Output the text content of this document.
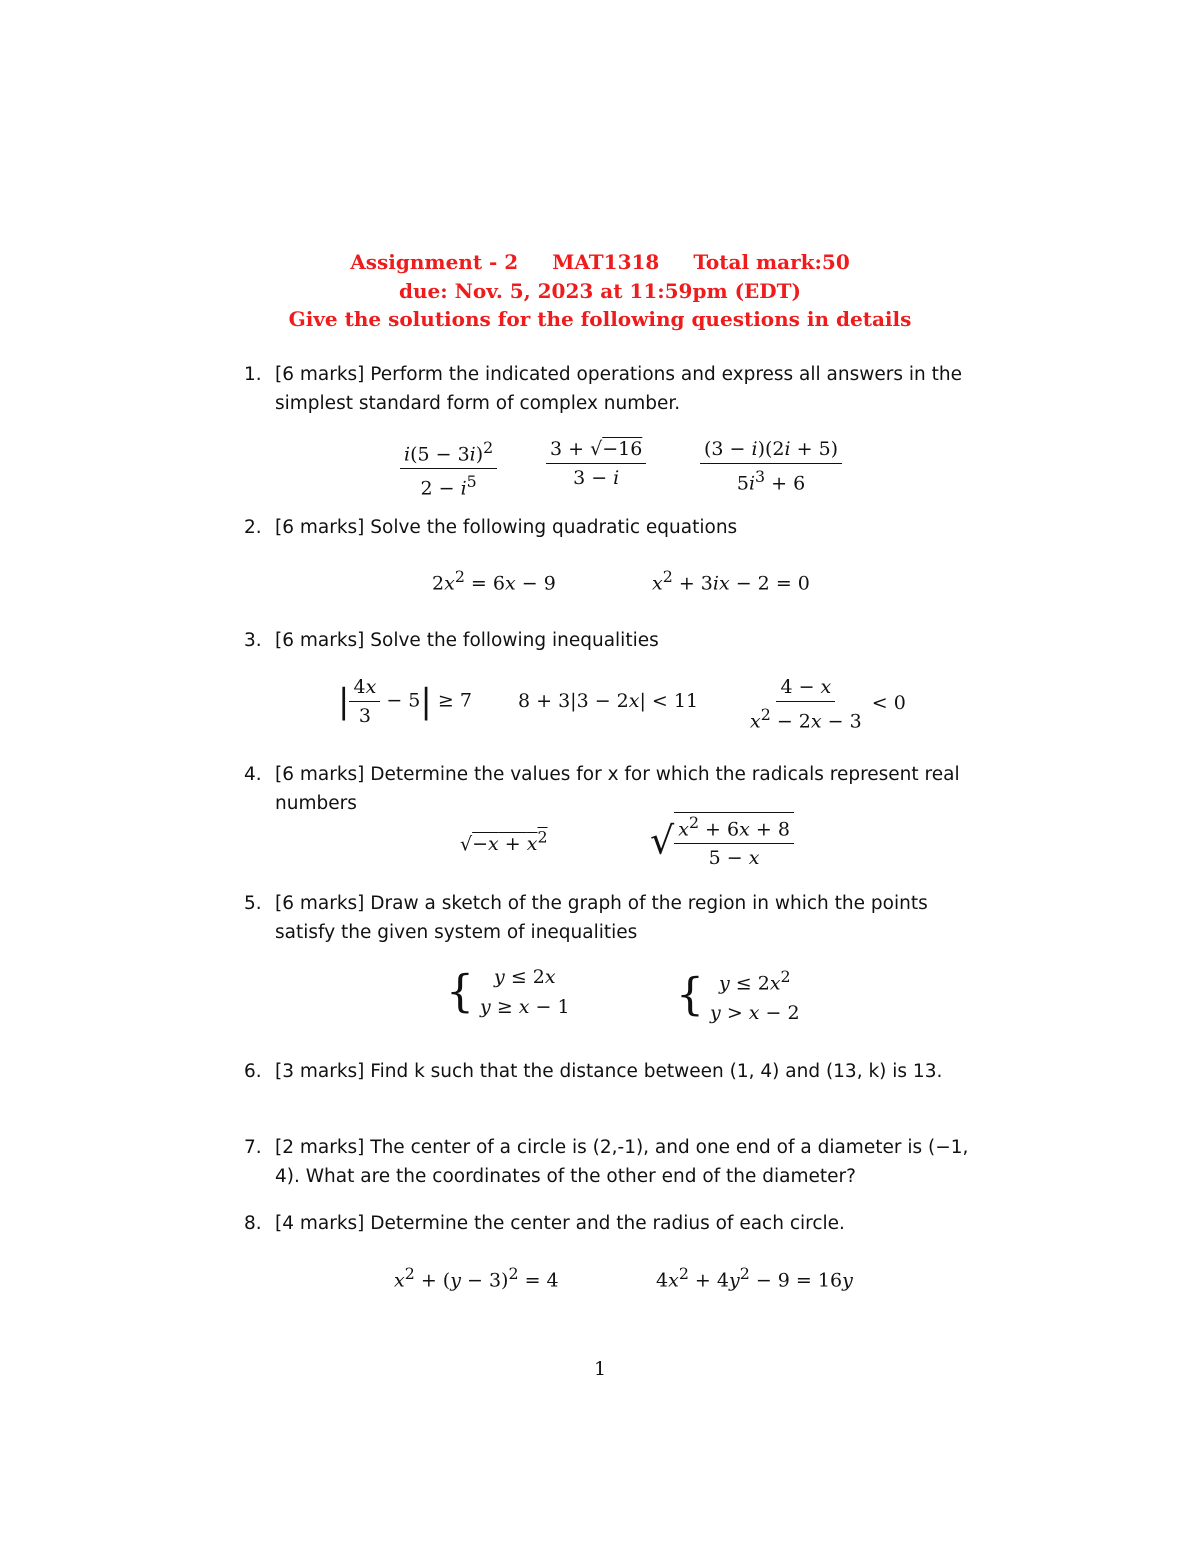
Assignment - 2 MAT1318 Total mark:50
due: Nov. 5, 2023 at 11:59pm (EDT)
Give the solutions for the following questions in details
1. [6 marks] Perform the indicated operations and express all answers in the simplest standard form of complex number.
$\frac{i(5 - 3i)^2}{2 - i^5}$	$\frac{3 + √-16}{3 - i}$	$\frac{(3 - i)(2i + 5)}{5i^3 + 6}$
2. [6 marks] Solve the following quadratic equations
$2x^2 = 6x - 9$	$x^2 + 3ix - 2 = 0$
3. [6 marks] Solve the following inequalities
| $\frac{4x}{3} - 5| \ge 7$ 8 + 3|3 − 2x| < 11	$\frac{4 - x}{x^2 - 2x - 3} < 0$
4. [6 marks] Determine the values for x for which the radicals represent real numbers
$√-x + x^2$	√ $\frac{x^2 + 6x + 8}{5 - x}$
5. [6 marks] Draw a sketch of the graph of the region in which the points satisfy the given system of inequalities
{ y ≤ 2x
y ≥ x − 1 { $y \le 2x^2$
y > x − 2
6. [3 marks] Find k such that the distance between (1, 4) and (13, k) is 13.
7. [2 marks] The center of a circle is (2,-1), and one end of a diameter is (−1, 4). What are the coordinates of the other end of the diameter?
8. [4 marks] Determine the center and the radius of each circle.
$x^2 + (y - 3)^2 = 4$	$4x^2 + 4y^2 - 9 = 16y$
1
